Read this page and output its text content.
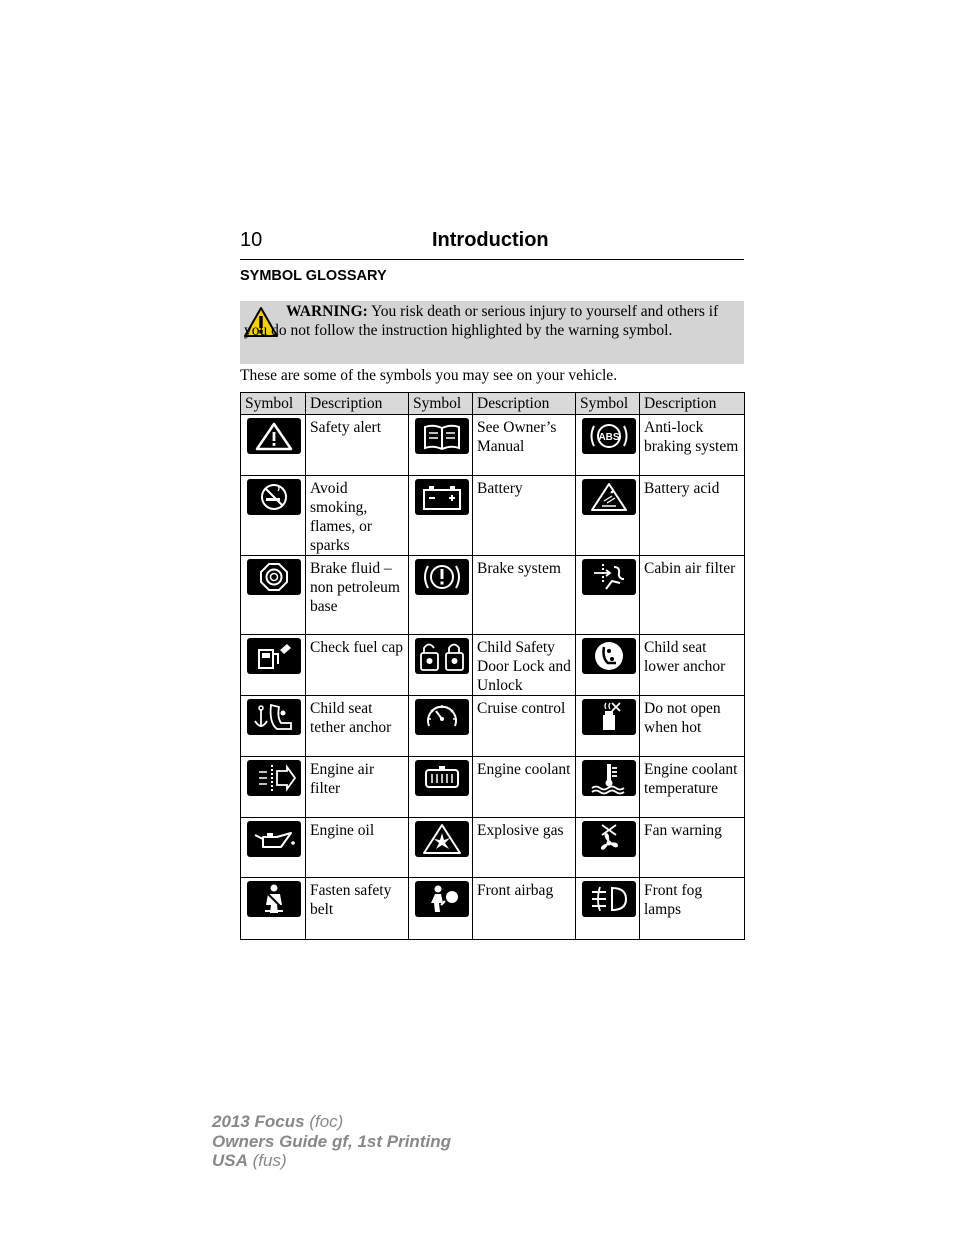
10	Introduction
SYMBOL GLOSSARY
WARNING: You risk death or serious injury to yourself and others if you do not follow the instruction highlighted by the warning symbol.
These are some of the symbols you may see on your vehicle.
Symbol	Description	Symbol	Description	Symbol	Description

	Safety alert		See Owner’s Manual	ABS	Anti-lock braking system

	Avoid smoking, flames, or sparks		Battery		Battery acid

	Brake fluid – non petroleum base		Brake system		Cabin air filter

	Check fuel cap		Child Safety Door Lock and Unlock		Child seat lower anchor

	Child seat tether anchor		Cruise control		Do not open when hot

	Engine air filter		Engine coolant		Engine coolant temperature

	Engine oil		Explosive gas		Fan warning

	Fasten safety belt		Front airbag		Front fog lamps
2013 Focus (foc)
Owners Guide gf, 1st Printing
USA (fus)
